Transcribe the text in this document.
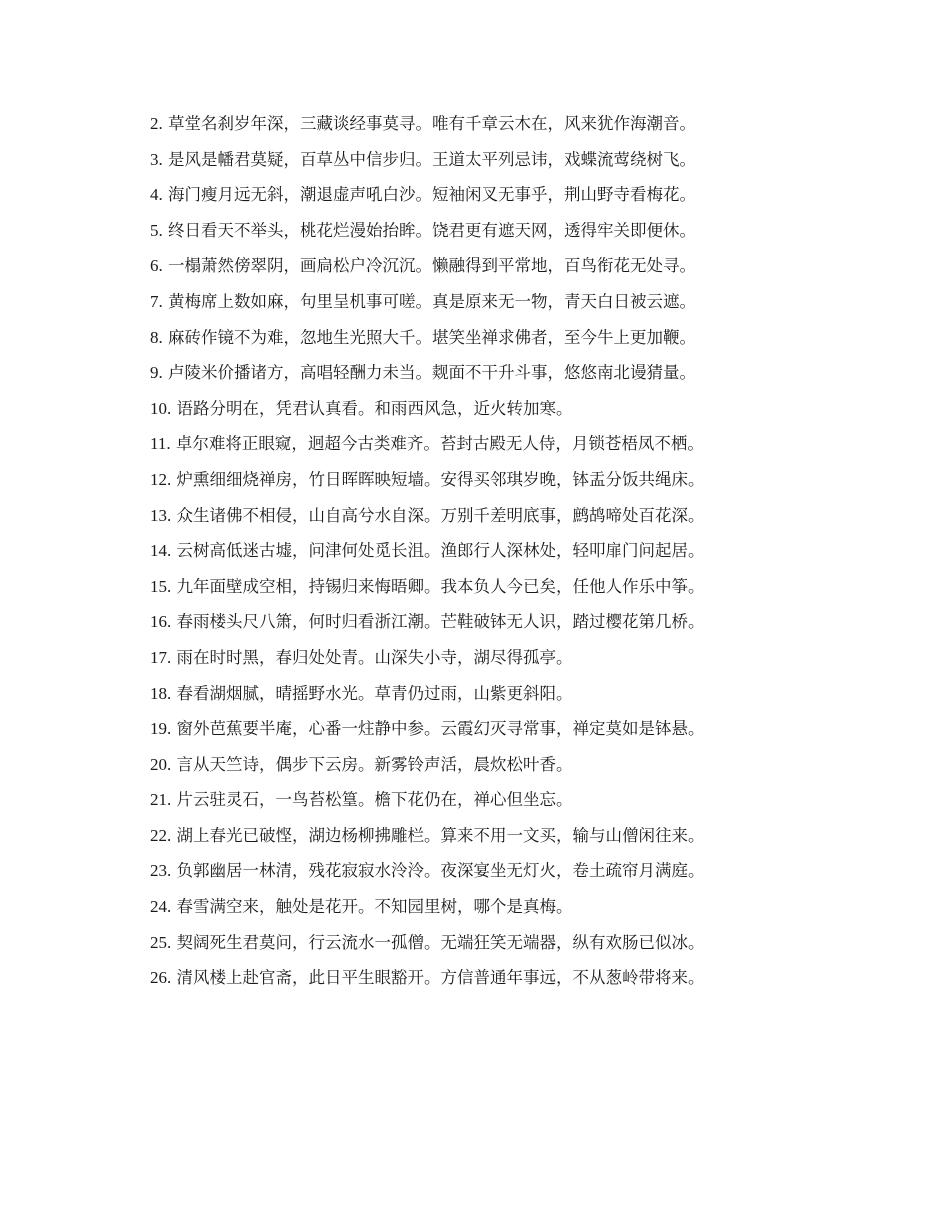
2. 草堂名刹岁年深，三藏谈经事莫寻。唯有千章云木在，风来犹作海潮音。
3. 是风是幡君莫疑，百草丛中信步归。王道太平列忌讳，戏蝶流莺绕树飞。
4. 海门瘦月远无斜，潮退虚声吼白沙。短袖闲叉无事乎，荆山野寺看梅花。
5. 终日看天不举头，桃花烂漫始抬眸。饶君更有遮天网，透得牢关即便休。
6. 一榻萧然傍翠阴，画扃松户冷沉沉。懒融得到平常地，百鸟衔花无处寻。
7. 黄梅席上数如麻，句里呈机事可嗟。真是原来无一物，青天白日被云遮。
8. 麻砖作镜不为难，忽地生光照大千。堪笑坐禅求佛者，至今牛上更加鞭。
9. 卢陵米价播诸方，高唱轻酬力未当。觌面不干升斗事，悠悠南北谩猜量。
10. 语路分明在，凭君认真看。和雨西风急，近火转加寒。
11. 卓尔难将正眼窥，迥超今古类难齐。苔封古殿无人侍，月锁苍梧凤不栖。
12. 炉熏细细烧禅房，竹日晖晖映短墙。安得买邻琪岁晚，钵盂分饭共绳床。
13. 众生诸佛不相侵，山自高兮水自深。万别千差明底事，鹧鸪啼处百花深。
14. 云树高低迷古墟，问津何处觅长沮。渔郎行人深林处，轻叩扉门问起居。
15. 九年面壁成空相，持锡归来悔晤卿。我本负人今已矣，任他人作乐中筝。
16. 春雨楼头尺八箫，何时归看浙江潮。芒鞋破钵无人识，踏过樱花第几桥。
17. 雨在时时黑，春归处处青。山深失小寺，湖尽得孤亭。
18. 春看湖烟腻，晴摇野水光。草青仍过雨，山紫更斜阳。
19. 窗外芭蕉要半庵，心番一炷静中参。云霞幻灭寻常事，禅定莫如是钵悬。
20. 言从天竺诗，偶步下云房。新雾铃声活，晨炊松叶香。
21. 片云驻灵石，一鸟苔松篁。檐下花仍在，禅心但坐忘。
22. 湖上春光已破悭，湖边杨柳拂雕栏。算来不用一文买，输与山僧闲往来。
23. 负郭幽居一林清，残花寂寂水泠泠。夜深宴坐无灯火，卷土疏帘月满庭。
24. 春雪满空来，触处是花开。不知园里树，哪个是真梅。
25. 契阔死生君莫问，行云流水一孤僧。无端狂笑无端器，纵有欢肠已似冰。
26. 清风楼上赴官斋，此日平生眼豁开。方信普通年事远，不从葱岭带将来。
